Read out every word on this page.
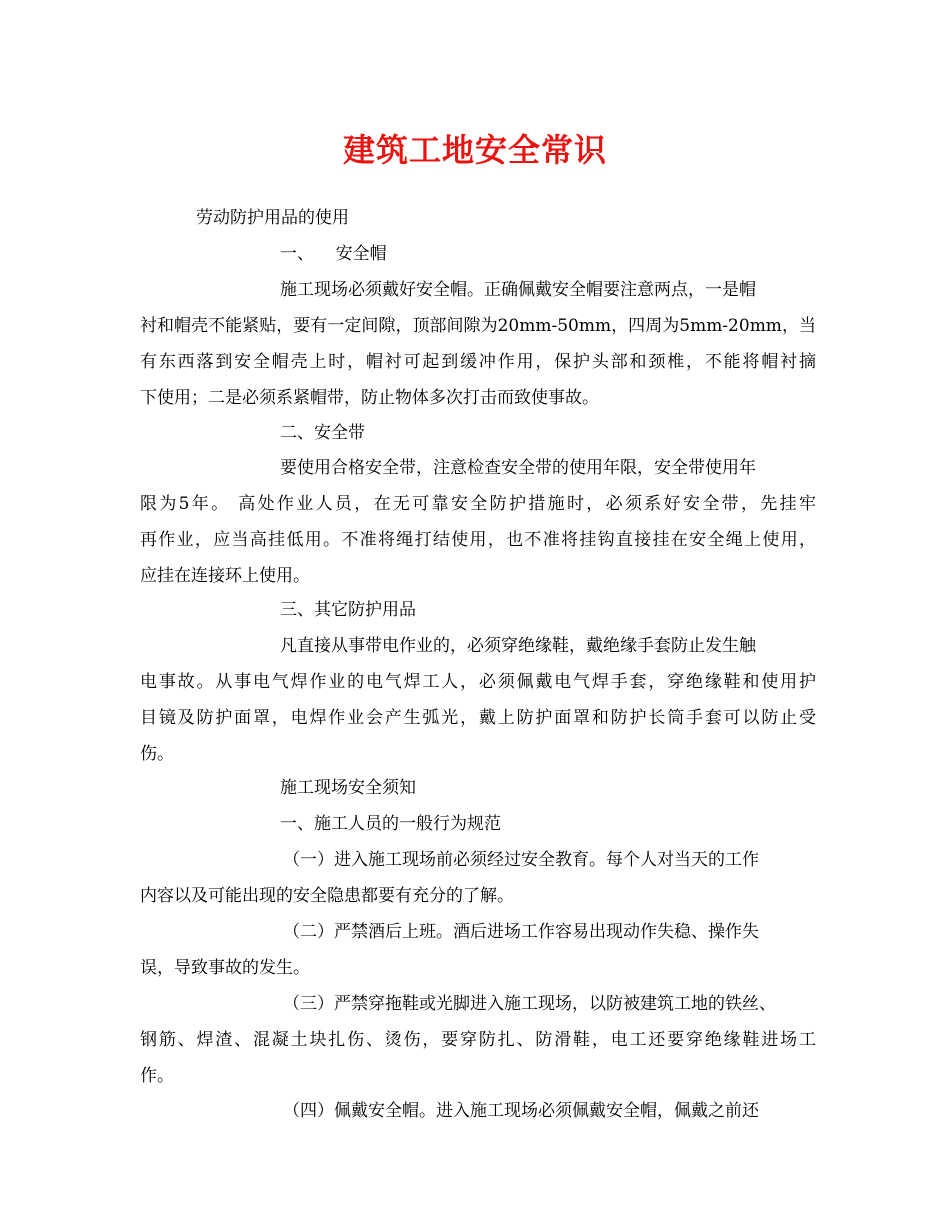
建筑工地安全常识
劳动防护用品的使用
一、    安全帽
施工现场必须戴好安全帽。正确佩戴安全帽要注意两点，一是帽
衬和帽壳不能紧贴，要有一定间隙，顶部间隙为20mm-50mm，四周为5mm-20mm，当
有东西落到安全帽壳上时，帽衬可起到缓冲作用，保护头部和颈椎，不能将帽衬摘
下使用；二是必须系紧帽带，防止物体多次打击而致使事故。
二、安全带
要使用合格安全带，注意检查安全带的使用年限，安全带使用年
限为5年。 高处作业人员，在无可靠安全防护措施时，必须系好安全带，先挂牢
再作业，应当高挂低用。不准将绳打结使用，也不准将挂钩直接挂在安全绳上使用，
应挂在连接环上使用。
三、其它防护用品
凡直接从事带电作业的，必须穿绝缘鞋，戴绝缘手套防止发生触
电事故。从事电气焊作业的电气焊工人，必须佩戴电气焊手套，穿绝缘鞋和使用护
目镜及防护面罩，电焊作业会产生弧光，戴上防护面罩和防护长筒手套可以防止受
伤。
施工现场安全须知
一、施工人员的一般行为规范
（一）进入施工现场前必须经过安全教育。每个人对当天的工作
内容以及可能出现的安全隐患都要有充分的了解。
（二）严禁酒后上班。酒后进场工作容易出现动作失稳、操作失
误，导致事故的发生。
（三）严禁穿拖鞋或光脚进入施工现场，以防被建筑工地的铁丝、
钢筋、焊渣、混凝土块扎伤、烫伤，要穿防扎、防滑鞋，电工还要穿绝缘鞋进场工
作。
（四）佩戴安全帽。进入施工现场必须佩戴安全帽，佩戴之前还
